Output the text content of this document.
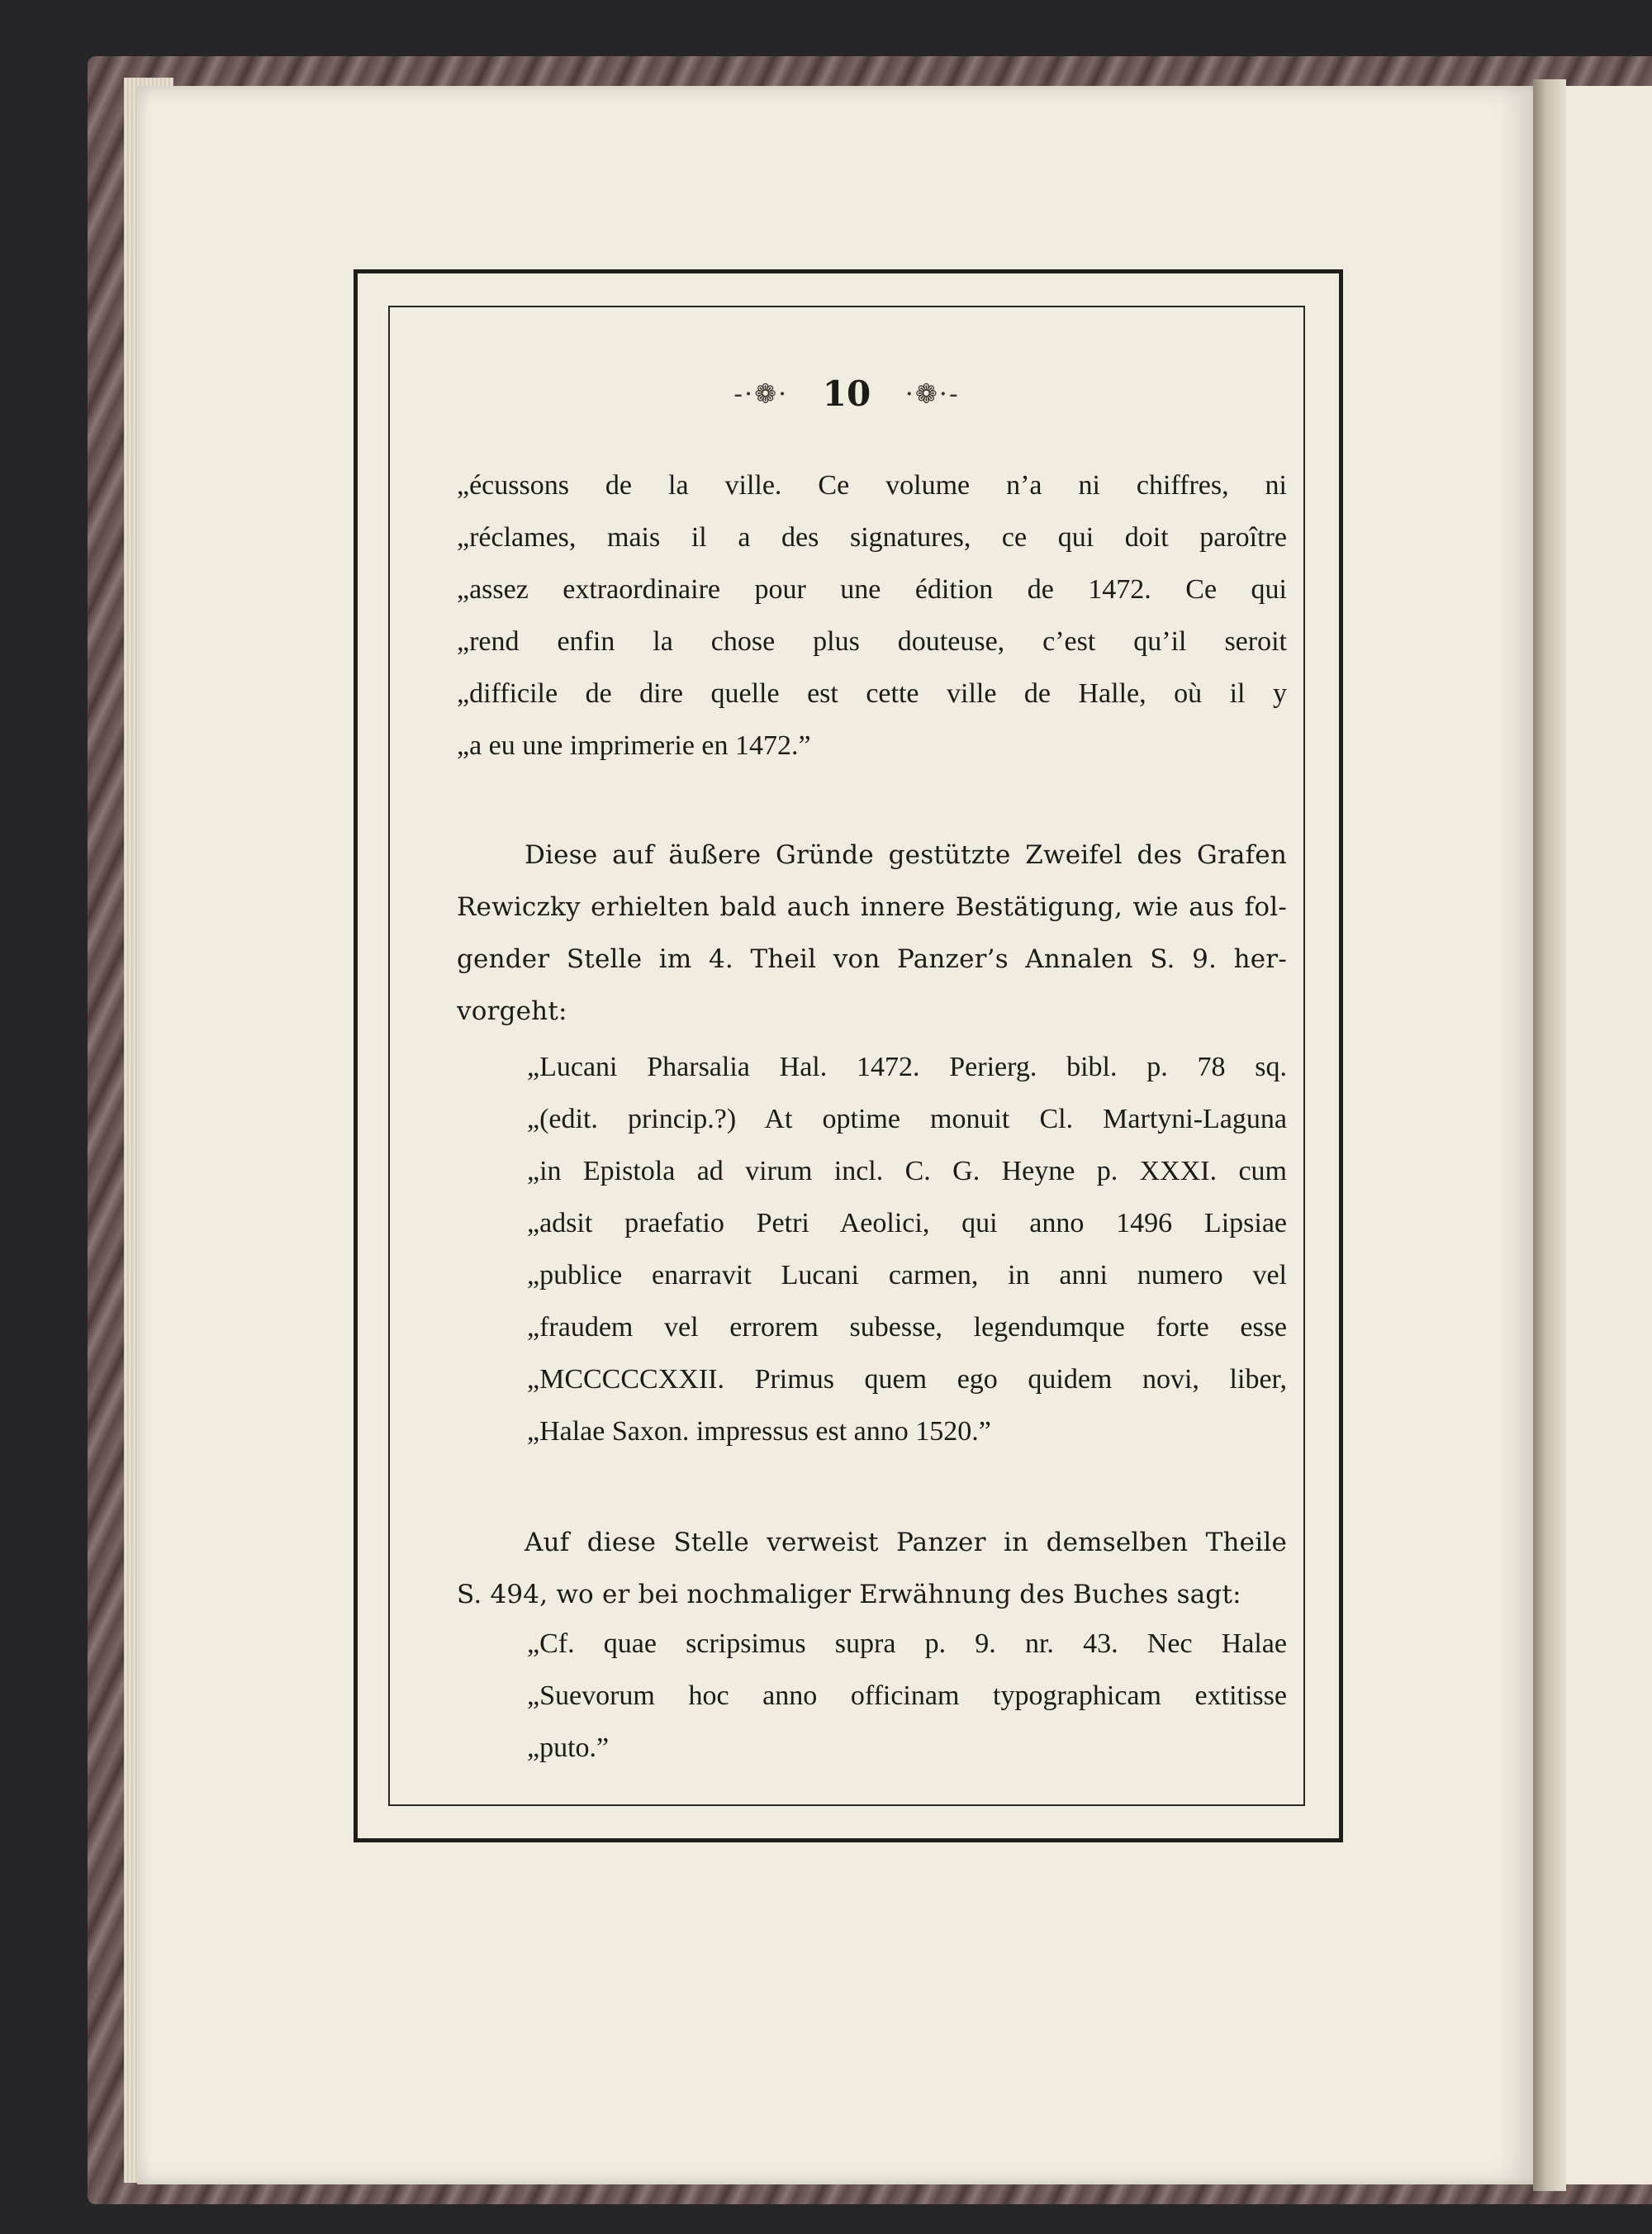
-·❁· 10 ·❁·-
„écussons de la ville. Ce volume n’a ni chiffres, ni
„réclames, mais il a des signatures, ce qui doit paroître
„assez extraordinaire pour une édition de 1472. Ce qui
„rend enfin la chose plus douteuse, c’est qu’il seroit
„difficile de dire quelle est cette ville de Halle, où il y
„a eu une imprimerie en 1472.”
Diese auf äußere Gründe gestützte Zweifel des Grafen
Rewiczky erhielten bald auch innere Bestätigung, wie aus fol-
gender Stelle im 4. Theil von Panzer’s Annalen S. 9. her-
vorgeht:
„Lucani Pharsalia Hal. 1472. Perierg. bibl. p. 78 sq.
„(edit. princip.?) At optime monuit Cl. Martyni-Laguna
„in Epistola ad virum incl. C. G. Heyne p. XXXI. cum
„adsit praefatio Petri Aeolici, qui anno 1496 Lipsiae
„publice enarravit Lucani carmen, in anni numero vel
„fraudem vel errorem subesse, legendumque forte esse
„MCCCCCXXII. Primus quem ego quidem novi, liber,
„Halae Saxon. impressus est anno 1520.”
Auf diese Stelle verweist Panzer in demselben Theile
S. 494, wo er bei nochmaliger Erwähnung des Buches sagt:
„Cf. quae scripsimus supra p. 9. nr. 43. Nec Halae
„Suevorum hoc anno officinam typographicam extitisse
„puto.”
